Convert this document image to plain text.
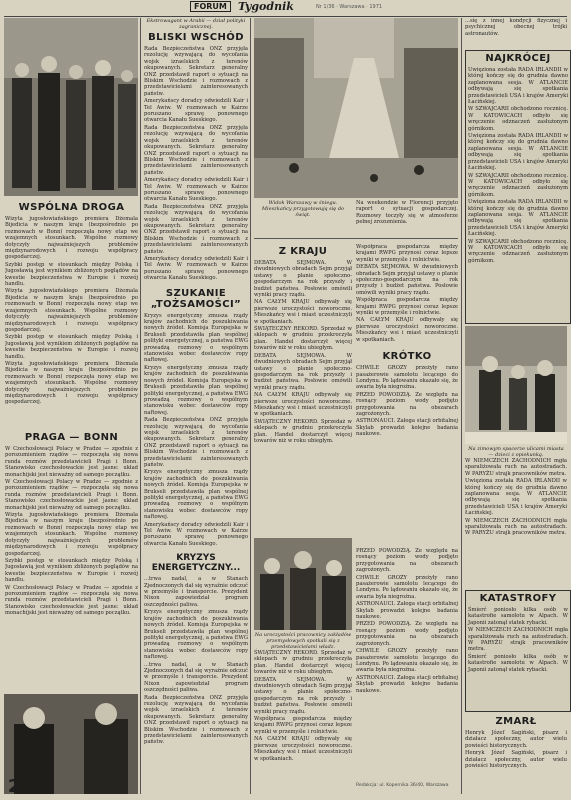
FORUM	Tygodnik	Nr 1/36 · Warszawa · 1971
WSPÓLNA DROGA

Wizyta jugosłowiańskiego premiera Dżemala Bijedicia w naszym kraju (bezpośrednio po rozmowach w Bonn) rozpoczęła nowy etap we wzajemnych stosunkach. Wspólne rozmowy dotyczyły najważniejszych problemów międzynarodowych i rozwoju współpracy gospodarczej.

Szybki postęp w stosunkach między Polską i Jugosławią jest wynikiem zbliżonych poglądów na kwestie bezpieczeństwa w Europie i rozwój handlu.

Wizyta jugosłowiańskiego premiera Dżemala Bijedicia w naszym kraju (bezpośrednio po rozmowach w Bonn) rozpoczęła nowy etap we wzajemnych stosunkach. Wspólne rozmowy dotyczyły najważniejszych problemów międzynarodowych i rozwoju współpracy gospodarczej.

Szybki postęp w stosunkach między Polską i Jugosławią jest wynikiem zbliżonych poglądów na kwestie bezpieczeństwa w Europie i rozwój handlu.

Wizyta jugosłowiańskiego premiera Dżemala Bijedicia w naszym kraju (bezpośrednio po rozmowach w Bonn) rozpoczęła nowy etap we wzajemnych stosunkach. Wspólne rozmowy dotyczyły najważniejszych problemów międzynarodowych i rozwoju współpracy gospodarczej.

PRAGA — BONN

W Czechosłowacji Polacy w Pradze — zgodnie z porozumieniem rządów — rozpoczęła się nowa runda rozmów przedstawicieli Pragi i Bonn. Stanowisko czechosłowackie jest jasne: układ monachijski jest nieważny od samego początku.

W Czechosłowacji Polacy w Pradze — zgodnie z porozumieniem rządów — rozpoczęła się nowa runda rozmów przedstawicieli Pragi i Bonn. Stanowisko czechosłowackie jest jasne: układ monachijski jest nieważny od samego początku.

Wizyta jugosłowiańskiego premiera Dżemala Bijedicia w naszym kraju (bezpośrednio po rozmowach w Bonn) rozpoczęła nowy etap we wzajemnych stosunkach. Wspólne rozmowy dotyczyły najważniejszych problemów międzynarodowych i rozwoju współpracy gospodarczej.

Szybki postęp w stosunkach między Polską i Jugosławią jest wynikiem zbliżonych poglądów na kwestie bezpieczeństwa w Europie i rozwój handlu.

W Czechosłowacji Polacy w Pradze — zgodnie z porozumieniem rządów — rozpoczęła się nowa runda rozmów przedstawicieli Pragi i Bonn. Stanowisko czechosłowackie jest jasne: układ monachijski jest nieważny od samego początku.

2

Ekstrowagant w Arabii — dział polityki zagranicznej.

BLISKI WSCHÓD

Rada Bezpieczeństwa ONZ przyjęła rezolucję wzywającą do wycofania wojsk izraelskich z terenów okupowanych. Sekretarz generalny ONZ przedstawił raport o sytuacji na Bliskim Wschodzie i rozmowach z przedstawicielami zainteresowanych państw.

Amerykańscy doradcy odwiedzili Kair i Tel Awiw. W rozmowach w Kairze poruszano sprawę ponownego otwarcia Kanału Sueskiego.

Rada Bezpieczeństwa ONZ przyjęła rezolucję wzywającą do wycofania wojsk izraelskich z terenów okupowanych. Sekretarz generalny ONZ przedstawił raport o sytuacji na Bliskim Wschodzie i rozmowach z przedstawicielami zainteresowanych państw.

Amerykańscy doradcy odwiedzili Kair i Tel Awiw. W rozmowach w Kairze poruszano sprawę ponownego otwarcia Kanału Sueskiego.

Rada Bezpieczeństwa ONZ przyjęła rezolucję wzywającą do wycofania wojsk izraelskich z terenów okupowanych. Sekretarz generalny ONZ przedstawił raport o sytuacji na Bliskim Wschodzie i rozmowach z przedstawicielami zainteresowanych państw.

Amerykańscy doradcy odwiedzili Kair i Tel Awiw. W rozmowach w Kairze poruszano sprawę ponownego otwarcia Kanału Sueskiego.

SZUKANIE „TOŻSAMOŚCI”

Kryzys energetyczny zmusza rządy krajów zachodnich do poszukiwania nowych źródeł. Komisja Europejska w Brukseli przedstawiła plan wspólnej polityki energetycznej, a państwa EWG prowadzą rozmowy o wspólnym stanowisku wobec dostawców ropy naftowej.

Kryzys energetyczny zmusza rządy krajów zachodnich do poszukiwania nowych źródeł. Komisja Europejska w Brukseli przedstawiła plan wspólnej polityki energetycznej, a państwa EWG prowadzą rozmowy o wspólnym stanowisku wobec dostawców ropy naftowej.

Rada Bezpieczeństwa ONZ przyjęła rezolucję wzywającą do wycofania wojsk izraelskich z terenów okupowanych. Sekretarz generalny ONZ przedstawił raport o sytuacji na Bliskim Wschodzie i rozmowach z przedstawicielami zainteresowanych państw.

Kryzys energetyczny zmusza rządy krajów zachodnich do poszukiwania nowych źródeł. Komisja Europejska w Brukseli przedstawiła plan wspólnej polityki energetycznej, a państwa EWG prowadzą rozmowy o wspólnym stanowisku wobec dostawców ropy naftowej.

Amerykańscy doradcy odwiedzili Kair i Tel Awiw. W rozmowach w Kairze poruszano sprawę ponownego otwarcia Kanału Sueskiego.

KRYZYS ENERGETYCZNY...

...trwa nadal, a w Stanach Zjednoczonych dał się wyraźnie odczuć w przemyśle i transporcie. Prezydent Nixon zapowiedział program oszczędności paliwa.

Kryzys energetyczny zmusza rządy krajów zachodnich do poszukiwania nowych źródeł. Komisja Europejska w Brukseli przedstawiła plan wspólnej polityki energetycznej, a państwa EWG prowadzą rozmowy o wspólnym stanowisku wobec dostawców ropy naftowej.

...trwa nadal, a w Stanach Zjednoczonych dał się wyraźnie odczuć w przemyśle i transporcie. Prezydent Nixon zapowiedział program oszczędności paliwa.

Rada Bezpieczeństwa ONZ przyjęła rezolucję wzywającą do wycofania wojsk izraelskich z terenów okupowanych. Sekretarz generalny ONZ przedstawił raport o sytuacji na Bliskim Wschodzie i rozmowach z przedstawicielami zainteresowanych państw.

Widok Warszawy w śniegu. Mieszkańcy przygotowują się do świąt.

Na weekendzie w Florencji przyjęto raport o sytuacji gospodarczej. Rozmowy toczyły się w atmosferze pełnej zrozumienia.

Z KRAJU

DEBATA SEJMOWA. W dwudniowych obradach Sejm przyjął ustawy o planie społeczno-gospodarczym na rok przyszły i budżet państwa. Posłowie omówili wyniki pracy rządu.

NA CAŁYM KRAJU odbywały się pierwsze uroczystości noworoczne. Mieszkańcy wsi i miast uczestniczyli w spotkaniach.

ŚWIĄTECZNY REKORD. Sprzedaż w sklepach w grudniu przekroczyła plan. Handel dostarczył więcej towarów niż w roku ubiegłym.

DEBATA SEJMOWA. W dwudniowych obradach Sejm przyjął ustawy o planie społeczno-gospodarczym na rok przyszły i budżet państwa. Posłowie omówili wyniki pracy rządu.

NA CAŁYM KRAJU odbywały się pierwsze uroczystości noworoczne. Mieszkańcy wsi i miast uczestniczyli w spotkaniach.

ŚWIĄTECZNY REKORD. Sprzedaż w sklepach w grudniu przekroczyła plan. Handel dostarczył więcej towarów niż w roku ubiegłym.

Współpraca gospodarcza między krajami RWPG przynosi coraz lepsze wyniki w przemyśle i rolnictwie.

DEBATA SEJMOWA. W dwudniowych obradach Sejm przyjął ustawy o planie społeczno-gospodarczym na rok przyszły i budżet państwa. Posłowie omówili wyniki pracy rządu.

Współpraca gospodarcza między krajami RWPG przynosi coraz lepsze wyniki w przemyśle i rolnictwie.

NA CAŁYM KRAJU odbywały się pierwsze uroczystości noworoczne. Mieszkańcy wsi i miast uczestniczyli w spotkaniach.

KRÓTKO

CHWILE GROZY przeżyły rano pasażerowie samolotu lecącego do Londynu. Po lądowaniu okazało się, że awaria była niegroźna.

PRZED POWODZIĄ. Ze względu na rosnący poziom wody podjęto przygotowania na obszarach zagrożonych.

ASTRONAUCI. Załoga stacji orbitalnej Skylab prowadzi kolejne badania naukowe.

Na uroczystości pracownicy zakładów przemysłowych spotkali się z przedstawicielami władz.

ŚWIĄTECZNY REKORD. Sprzedaż w sklepach w grudniu przekroczyła plan. Handel dostarczył więcej towarów niż w roku ubiegłym.

DEBATA SEJMOWA. W dwudniowych obradach Sejm przyjął ustawy o planie społeczno-gospodarczym na rok przyszły i budżet państwa. Posłowie omówili wyniki pracy rządu.

Współpraca gospodarcza między krajami RWPG przynosi coraz lepsze wyniki w przemyśle i rolnictwie.

NA CAŁYM KRAJU odbywały się pierwsze uroczystości noworoczne. Mieszkańcy wsi i miast uczestniczyli w spotkaniach.

PRZED POWODZIĄ. Ze względu na rosnący poziom wody podjęto przygotowania na obszarach zagrożonych.

CHWILE GROZY przeżyły rano pasażerowie samolotu lecącego do Londynu. Po lądowaniu okazało się, że awaria była niegroźna.

ASTRONAUCI. Załoga stacji orbitalnej Skylab prowadzi kolejne badania naukowe.

PRZED POWODZIĄ. Ze względu na rosnący poziom wody podjęto przygotowania na obszarach zagrożonych.

CHWILE GROZY przeżyły rano pasażerowie samolotu lecącego do Londynu. Po lądowaniu okazało się, że awaria była niegroźna.

ASTRONAUCI. Załoga stacji orbitalnej Skylab prowadzi kolejne badania naukowe.

Redakcja: ul. Kopernika 36/40, Warszawa

...się z innej kondycji fizycznej i psychicznej obecnej trójki astronautów.

NAJKRÓCEJ

Uwięziona została RADA IRLANDII w której kończy się do grudnia dawno zaplanowana sesja. W ATLANCIE odbywają się spotkania przedstawicieli USA i krajów Ameryki Łacińskiej.

W SZWAJCARII obchodzono rocznicę. W KATOWICACH odbyło się wręczenie odznaczeń zasłużonym górnikom.

Uwięziona została RADA IRLANDII w której kończy się do grudnia dawno zaplanowana sesja. W ATLANCIE odbywają się spotkania przedstawicieli USA i krajów Ameryki Łacińskiej.

W SZWAJCARII obchodzono rocznicę. W KATOWICACH odbyło się wręczenie odznaczeń zasłużonym górnikom.

Uwięziona została RADA IRLANDII w której kończy się do grudnia dawno zaplanowana sesja. W ATLANCIE odbywają się spotkania przedstawicieli USA i krajów Ameryki Łacińskiej.

W SZWAJCARII obchodzono rocznicę. W KATOWICACH odbyło się wręczenie odznaczeń zasłużonym górnikom.

Na zimowym spacerze ulicami miasta — dzieci z opiekunką.

W NIEMCZECH ZACHODNICH mgła sparaliżowała ruch na autostradach. W PARYŻU strajk pracowników metra.

Uwięziona została RADA IRLANDII w której kończy się do grudnia dawno zaplanowana sesja. W ATLANCIE odbywają się spotkania przedstawicieli USA i krajów Ameryki Łacińskiej.

W NIEMCZECH ZACHODNICH mgła sparaliżowała ruch na autostradach. W PARYŻU strajk pracowników metra.

KATASTROFY

Śmierć poniosło kilka osób w katastrofie samolotu w Alpach. W Japonii zatonął statek rybacki.

W NIEMCZECH ZACHODNICH mgła sparaliżowała ruch na autostradach. W PARYŻU strajk pracowników metra.

Śmierć poniosło kilka osób w katastrofie samolotu w Alpach. W Japonii zatonął statek rybacki.

ZMARŁ

Henryk Józef Sagiński, pisarz i działacz społeczny, autor wielu powieści historycznych.

Henryk Józef Sagiński, pisarz i działacz społeczny, autor wielu powieści historycznych.
